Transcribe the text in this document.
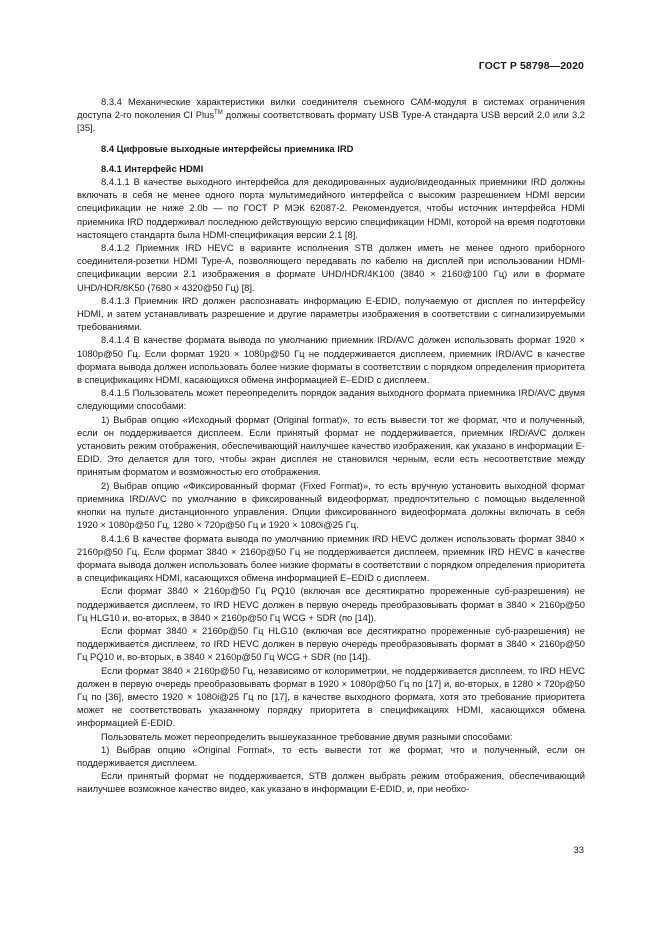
ГОСТ Р 58798—2020

8.3.4 Механические характеристики вилки соединителя съемного САМ-модуля в системах ограничения доступа 2-го поколения CI Plus™ должны соответствовать формату USB Type-A стандарта USB версий 2.0 или 3.2 [35].

8.4 Цифровые выходные интерфейсы приемника IRD

8.4.1 Интерфейс HDMI

8.4.1.1 В качестве выходного интерфейса для декодированных аудио/видеоданных приемники IRD должны включать в себя не менее одного порта мультимедийного интерфейса с высоким разрешением HDMI версии спецификации не ниже 2.0b — по ГОСТ Р МЭК 62087-2. Рекомендуется, чтобы источник интерфейса HDMI приемника IRD поддерживал последнюю действующую версию спецификации HDMI, которой на время подготовки настоящего стандарта была HDMI-спецификация версии 2.1 [8].

8.4.1.2 Приемник IRD HEVC в варианте исполнения STB должен иметь не менее одного приборного соединителя-розетки HDMI Type-A, позволяющего передавать по кабелю на дисплей при использовании HDMI-спецификации версии 2.1 изображения в формате UHD/HDR/4K100 (3840 × 2160@100 Гц) или в формате UHD/HDR/8K50 (7680 × 4320@50 Гц) [8].

8.4.1.3 Приемник IRD должен распознавать информацию E-EDID, получаемую от дисплея по интерфейсу HDMI, и затем устанавливать разрешение и другие параметры изображения в соответствии с сигнализируемыми требованиями.

8.4.1.4 В качестве формата вывода по умолчанию приемник IRD/AVC должен использовать формат 1920 × 1080p@50 Гц. Если формат 1920 × 1080p@50 Гц не поддерживается дисплеем, приемник IRD/AVC в качестве формата вывода должен использовать более низкие форматы в соответствии с порядком определения приоритета в спецификациях HDMI, касающихся обмена информацией E–EDID с дисплеем.

8.4.1.5 Пользователь может переопределить порядок задания выходного формата приемника IRD/AVC двумя следующими способами:

1) Выбрав опцию «Исходный формат (Original format)», то есть вывести тот же формат, что и полученный, если он поддерживается дисплеем. Если принятый формат не поддерживается, приемник IRD/AVC должен установить режим отображения, обеспечивающий наилучшее качество изображения, как указано в информации E-EDID. Это делается для того, чтобы экран дисплея не становился черным, если есть несоответствие между принятым форматом и возможностью его отображения.

2) Выбрав опцию «Фиксированный формат (Fixed Format)», то есть вручную установить выходной формат приемника IRD/AVC по умолчанию в фиксированный видеоформат, предпочтительно с помощью выделенной кнопки на пульте дистанционного управления. Опции фиксированного видеоформата должны включать в себя 1920 × 1080p@50 Гц, 1280 × 720p@50 Гц и 1920 × 1080i@25 Гц.

8.4.1.6 В качестве формата вывода по умолчанию приемник IRD HEVC должен использовать формат 3840 × 2160p@50 Гц. Если формат 3840 × 2160p@50 Гц не поддерживается дисплеем, приемник IRD HEVC в качестве формата вывода должен использовать более низкие форматы в соответствии с порядком определения приоритета в спецификациях HDMI, касающихся обмена информацией E–EDID с дисплеем.

Если формат 3840 × 2160p@50 Гц PQ10 (включая все десятикратно прореженные суб-разрешения) не поддерживается дисплеем, то IRD HEVC должен в первую очередь преобразовывать формат в 3840 × 2160p@50 Гц HLG10 и, во-вторых, в 3840 × 2160p@50 Гц WCG + SDR (по [14]).

Если формат 3840 × 2160p@50 Гц HLG10 (включая все десятикратно прореженные суб-разрешения) не поддерживается дисплеем, то IRD HEVC должен в первую очередь преобразовывать формат в 3840 × 2160p@50 Гц PQ10 и, во-вторых, в 3840 × 2160p@50 Гц WCG + SDR (по [14]).

Если формат 3840 × 2160p@50 Гц, независимо от колориметрии, не поддерживается дисплеем, то IRD HEVC должен в первую очередь преобразовывать формат в 1920 × 1080p@50 Гц по [17] и, во-вторых, в 1280 × 720p@50 Гц по [36], вместо 1920 × 1080i@25 Гц по [17], в качестве выходного формата, хотя это требование приоритета может не соответствовать указанному порядку приоритета в спецификациях HDMI, касающихся обмена информацией E-EDID.

Пользователь может переопределить вышеуказанное требование двумя разными способами:

1) Выбрав опцию «Original Format», то есть вывести тот же формат, что и полученный, если он поддерживается дисплеем.

Если принятый формат не поддерживается, STB должен выбрать режим отображения, обеспечивающий наилучшее возможное качество видео, как указано в информации E-EDID, и, при необхо-

33
